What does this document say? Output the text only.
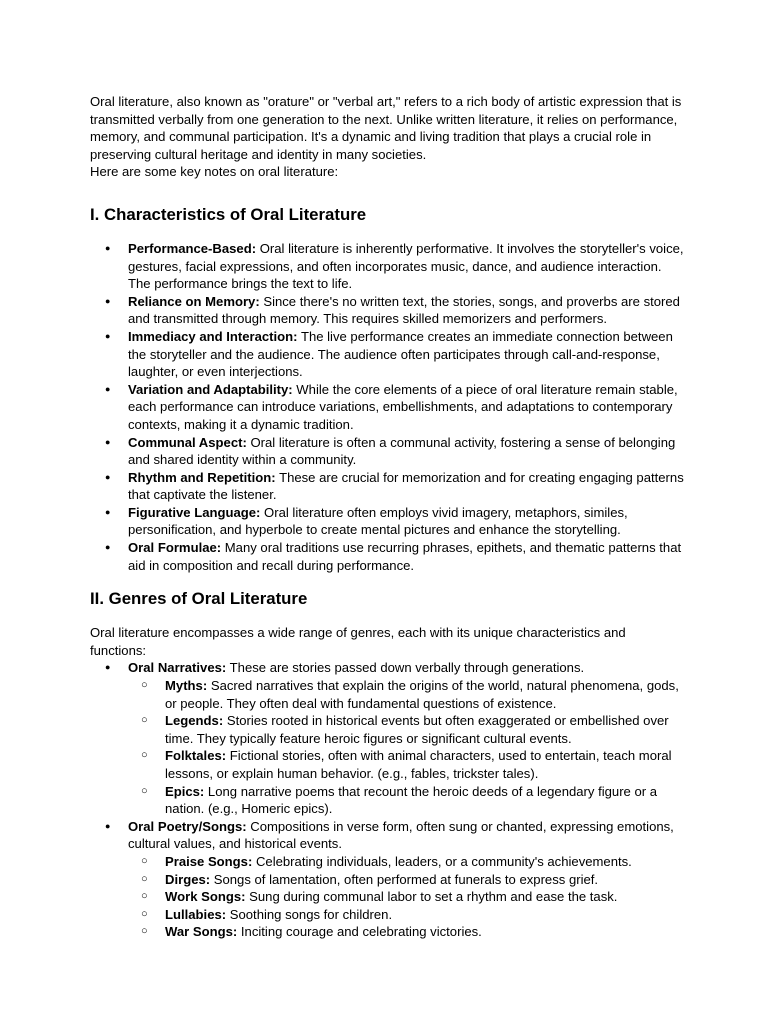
Oral literature, also known as "orature" or "verbal art," refers to a rich body of artistic expression that is transmitted verbally from one generation to the next. Unlike written literature, it relies on performance, memory, and communal participation. It's a dynamic and living tradition that plays a crucial role in preserving cultural heritage and identity in many societies.

Here are some key notes on oral literature:

I. Characteristics of Oral Literature
● Performance-Based: Oral literature is inherently performative. It involves the storyteller's voice, gestures, facial expressions, and often incorporates music, dance, and audience interaction. The performance brings the text to life.
● Reliance on Memory: Since there's no written text, the stories, songs, and proverbs are stored and transmitted through memory. This requires skilled memorizers and performers.
● Immediacy and Interaction: The live performance creates an immediate connection between the storyteller and the audience. The audience often participates through call-and-response, laughter, or even interjections.
● Variation and Adaptability: While the core elements of a piece of oral literature remain stable, each performance can introduce variations, embellishments, and adaptations to contemporary contexts, making it a dynamic tradition.
● Communal Aspect: Oral literature is often a communal activity, fostering a sense of belonging and shared identity within a community.
● Rhythm and Repetition: These are crucial for memorization and for creating engaging patterns that captivate the listener.
● Figurative Language: Oral literature often employs vivid imagery, metaphors, similes, personification, and hyperbole to create mental pictures and enhance the storytelling.
● Oral Formulae: Many oral traditions use recurring phrases, epithets, and thematic patterns that aid in composition and recall during performance.
II. Genres of Oral Literature

Oral literature encompasses a wide range of genres, each with its unique characteristics and functions:

● Oral Narratives: These are stories passed down verbally through generations.
○ Myths: Sacred narratives that explain the origins of the world, natural phenomena, gods, or people. They often deal with fundamental questions of existence.
○ Legends: Stories rooted in historical events but often exaggerated or embellished over time. They typically feature heroic figures or significant cultural events.
○ Folktales: Fictional stories, often with animal characters, used to entertain, teach moral lessons, or explain human behavior. (e.g., fables, trickster tales).
○ Epics: Long narrative poems that recount the heroic deeds of a legendary figure or a nation. (e.g., Homeric epics).
● Oral Poetry/Songs: Compositions in verse form, often sung or chanted, expressing emotions, cultural values, and historical events.
○ Praise Songs: Celebrating individuals, leaders, or a community's achievements.
○ Dirges: Songs of lamentation, often performed at funerals to express grief.
○ Work Songs: Sung during communal labor to set a rhythm and ease the task.
○ Lullabies: Soothing songs for children.
○ War Songs: Inciting courage and celebrating victories.
